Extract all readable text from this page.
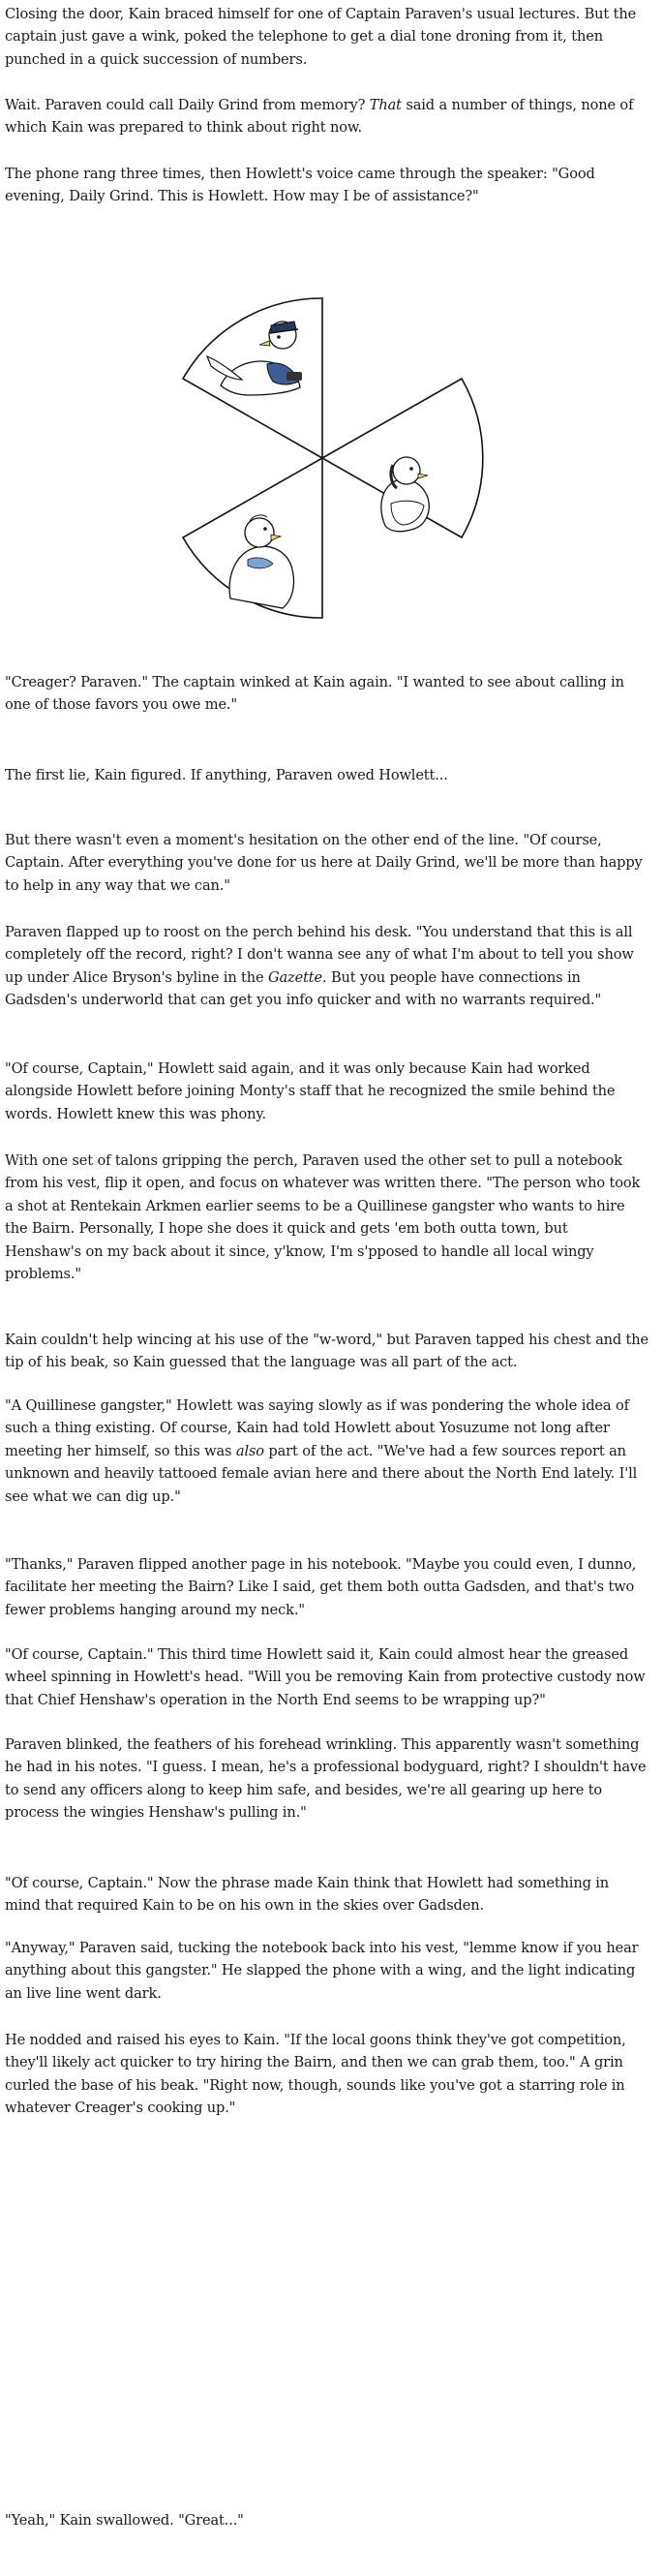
Closing the door, Kain braced himself for one of Captain Paraven's usual lectures. But the captain just gave a wink, poked the telephone to get a dial tone droning from it, then punched in a quick succession of numbers.

Wait. Paraven could call Daily Grind from memory? That said a number of things, none of which Kain was prepared to think about right now.

The phone rang three times, then Howlett's voice came through the speaker: "Good evening, Daily Grind. This is Howlett. How may I be of assistance?"

"Creager? Paraven." The captain winked at Kain again. "I wanted to see about calling in one of those favors you owe me."

The first lie, Kain figured. If anything, Paraven owed Howlett...

But there wasn't even a moment's hesitation on the other end of the line. "Of course, Captain. After everything you've done for us here at Daily Grind, we'll be more than happy to help in any way that we can."

Paraven flapped up to roost on the perch behind his desk. "You understand that this is all completely off the record, right? I don't wanna see any of what I'm about to tell you show up under Alice Bryson's byline in the Gazette. But you people have connections in Gadsden's underworld that can get you info quicker and with no warrants required."

"Of course, Captain," Howlett said again, and it was only because Kain had worked alongside Howlett before joining Monty's staff that he recognized the smile behind the words. Howlett knew this was phony.

With one set of talons gripping the perch, Paraven used the other set to pull a notebook from his vest, flip it open, and focus on whatever was written there. "The person who took a shot at Rentekain Arkmen earlier seems to be a Quillinese gangster who wants to hire the Bairn. Personally, I hope she does it quick and gets 'em both outta town, but Henshaw's on my back about it since, y'know, I'm s'pposed to handle all local wingy problems."

Kain couldn't help wincing at his use of the "w-word," but Paraven tapped his chest and the tip of his beak, so Kain guessed that the language was all part of the act.

"A Quillinese gangster," Howlett was saying slowly as if was pondering the whole idea of such a thing existing. Of course, Kain had told Howlett about Yosuzume not long after meeting her himself, so this was also part of the act. "We've had a few sources report an unknown and heavily tattooed female avian here and there about the North End lately. I'll see what we can dig up."

"Thanks," Paraven flipped another page in his notebook. "Maybe you could even, I dunno, facilitate her meeting the Bairn? Like I said, get them both outta Gadsden, and that's two fewer problems hanging around my neck."

"Of course, Captain." This third time Howlett said it, Kain could almost hear the greased wheel spinning in Howlett's head. "Will you be removing Kain from protective custody now that Chief Henshaw's operation in the North End seems to be wrapping up?"

Paraven blinked, the feathers of his forehead wrinkling. This apparently wasn't something he had in his notes. "I guess. I mean, he's a professional bodyguard, right? I shouldn't have to send any officers along to keep him safe, and besides, we're all gearing up here to process the wingies Henshaw's pulling in."

"Of course, Captain." Now the phrase made Kain think that Howlett had something in mind that required Kain to be on his own in the skies over Gadsden.

"Anyway," Paraven said, tucking the notebook back into his vest, "lemme know if you hear anything about this gangster." He slapped the phone with a wing, and the light indicating an live line went dark.

He nodded and raised his eyes to Kain. "If the local goons think they've got competition, they'll likely act quicker to try hiring the Bairn, and then we can grab them, too." A grin curled the base of his beak. "Right now, though, sounds like you've got a starring role in whatever Creager's cooking up."

"Yeah," Kain swallowed. "Great..."
